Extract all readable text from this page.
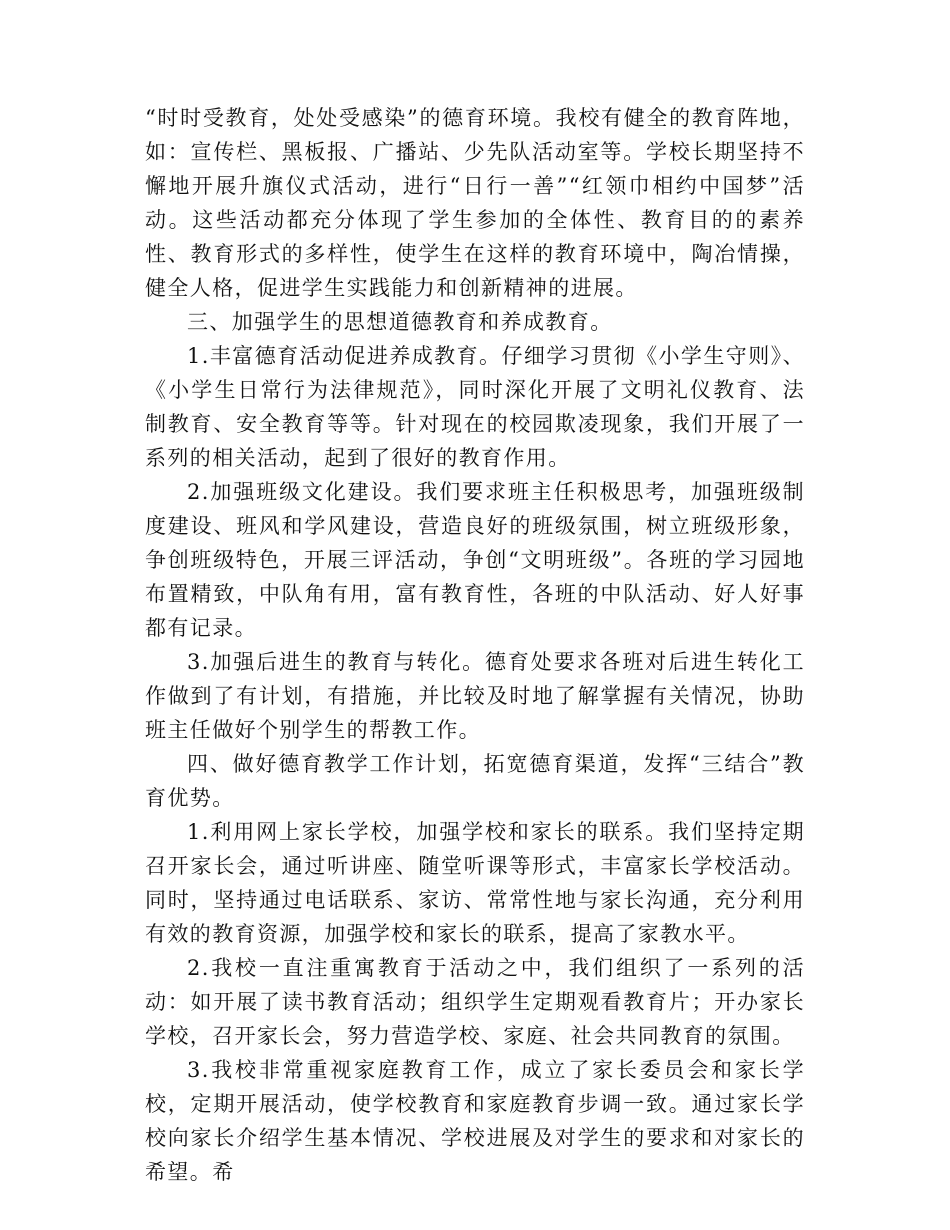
“时时受教育，处处受感染”的德育环境。我校有健全的教育阵地，如：宣传栏、黑板报、广播站、少先队活动室等。学校长期坚持不懈地开展升旗仪式活动，进行“日行一善”“红领巾相约中国梦”活动。这些活动都充分体现了学生参加的全体性、教育目的的素养性、教育形式的多样性，使学生在这样的教育环境中，陶冶情操，健全人格，促进学生实践能力和创新精神的进展。

三、加强学生的思想道德教育和养成教育。

1.丰富德育活动促进养成教育。仔细学习贯彻《小学生守则》、《小学生日常行为法律规范》，同时深化开展了文明礼仪教育、法制教育、安全教育等等。针对现在的校园欺凌现象，我们开展了一系列的相关活动，起到了很好的教育作用。

2.加强班级文化建设。我们要求班主任积极思考，加强班级制度建设、班风和学风建设，营造良好的班级氛围，树立班级形象，争创班级特色，开展三评活动，争创“文明班级”。各班的学习园地布置精致，中队角有用，富有教育性，各班的中队活动、好人好事都有记录。

3.加强后进生的教育与转化。德育处要求各班对后进生转化工作做到了有计划，有措施，并比较及时地了解掌握有关情况，协助班主任做好个别学生的帮教工作。

四、做好德育教学工作计划，拓宽德育渠道，发挥“三结合”教育优势。

1.利用网上家长学校，加强学校和家长的联系。我们坚持定期召开家长会，通过听讲座、随堂听课等形式，丰富家长学校活动。同时，坚持通过电话联系、家访、常常性地与家长沟通，充分利用有效的教育资源，加强学校和家长的联系，提高了家教水平。

2.我校一直注重寓教育于活动之中，我们组织了一系列的活动：如开展了读书教育活动；组织学生定期观看教育片；开办家长学校，召开家长会，努力营造学校、家庭、社会共同教育的氛围。

3.我校非常重视家庭教育工作，成立了家长委员会和家长学校，定期开展活动，使学校教育和家庭教育步调一致。通过家长学校向家长介绍学生基本情况、学校进展及对学生的要求和对家长的希望。希
